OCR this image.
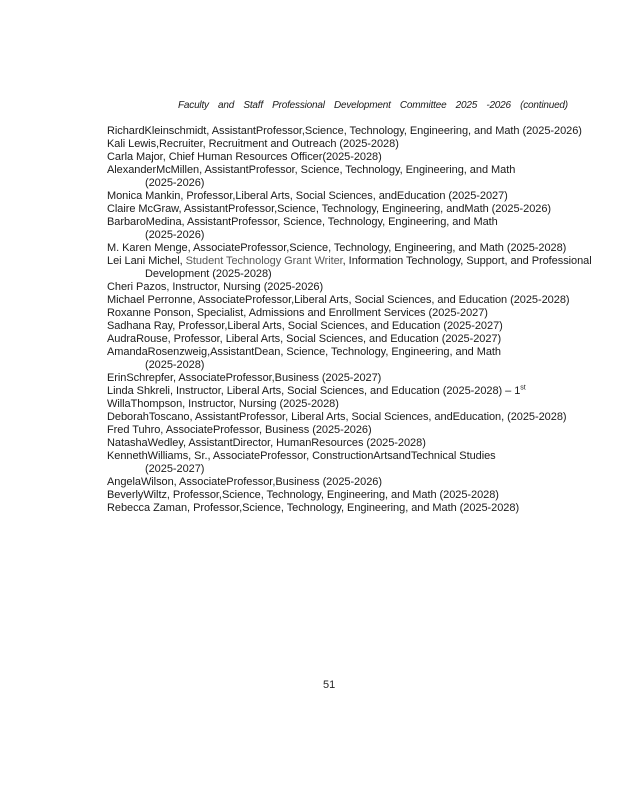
Faculty and Staff Professional Development Committee 2025 -2026 (continued)
RichardKleinschmidt, AssistantProfessor,Science, Technology, Engineering, and Math (2025-2026)
Kali Lewis,Recruiter, Recruitment and Outreach (2025-2028)
Carla Major, Chief Human Resources Officer(2025-2028)
AlexanderMcMillen, AssistantProfessor, Science, Technology, Engineering, and Math
(2025-2026)
Monica Mankin, Professor,Liberal Arts, Social Sciences, andEducation (2025-2027)
Claire McGraw, AssistantProfessor,Science, Technology, Engineering, andMath (2025-2026)
BarbaroMedina, AssistantProfessor, Science, Technology, Engineering, and Math
(2025-2026)
M. Karen Menge, AssociateProfessor,Science, Technology, Engineering, and Math (2025-2028)
Lei Lani Michel, Student Technology Grant Writer, Information Technology, Support, and Professional
Development (2025-2028)
Cheri Pazos, Instructor, Nursing (2025-2026)
Michael Perronne, AssociateProfessor,Liberal Arts, Social Sciences, and Education (2025-2028)
Roxanne Ponson, Specialist, Admissions and Enrollment Services (2025-2027)
Sadhana Ray, Professor,Liberal Arts, Social Sciences, and Education (2025-2027)
AudraRouse, Professor, Liberal Arts, Social Sciences, and Education (2025-2027)
AmandaRosenzweig,AssistantDean, Science, Technology, Engineering, and Math
(2025-2028)
ErinSchrepfer, AssociateProfessor,Business (2025-2027)
Linda Shkreli, Instructor, Liberal Arts, Social Sciences, and Education (2025-2028) – 1st
WillaThompson, Instructor, Nursing (2025-2028)
DeborahToscano, AssistantProfessor, Liberal Arts, Social Sciences, andEducation, (2025-2028)
Fred Tuhro, AssociateProfessor, Business (2025-2026)
NatashaWedley, AssistantDirector, HumanResources (2025-2028)
KennethWilliams, Sr., AssociateProfessor, ConstructionArtsandTechnical Studies
(2025-2027)
AngelaWilson, AssociateProfessor,Business (2025-2026)
BeverlyWiltz, Professor,Science, Technology, Engineering, and Math (2025-2028)
Rebecca Zaman, Professor,Science, Technology, Engineering, and Math (2025-2028)
51
